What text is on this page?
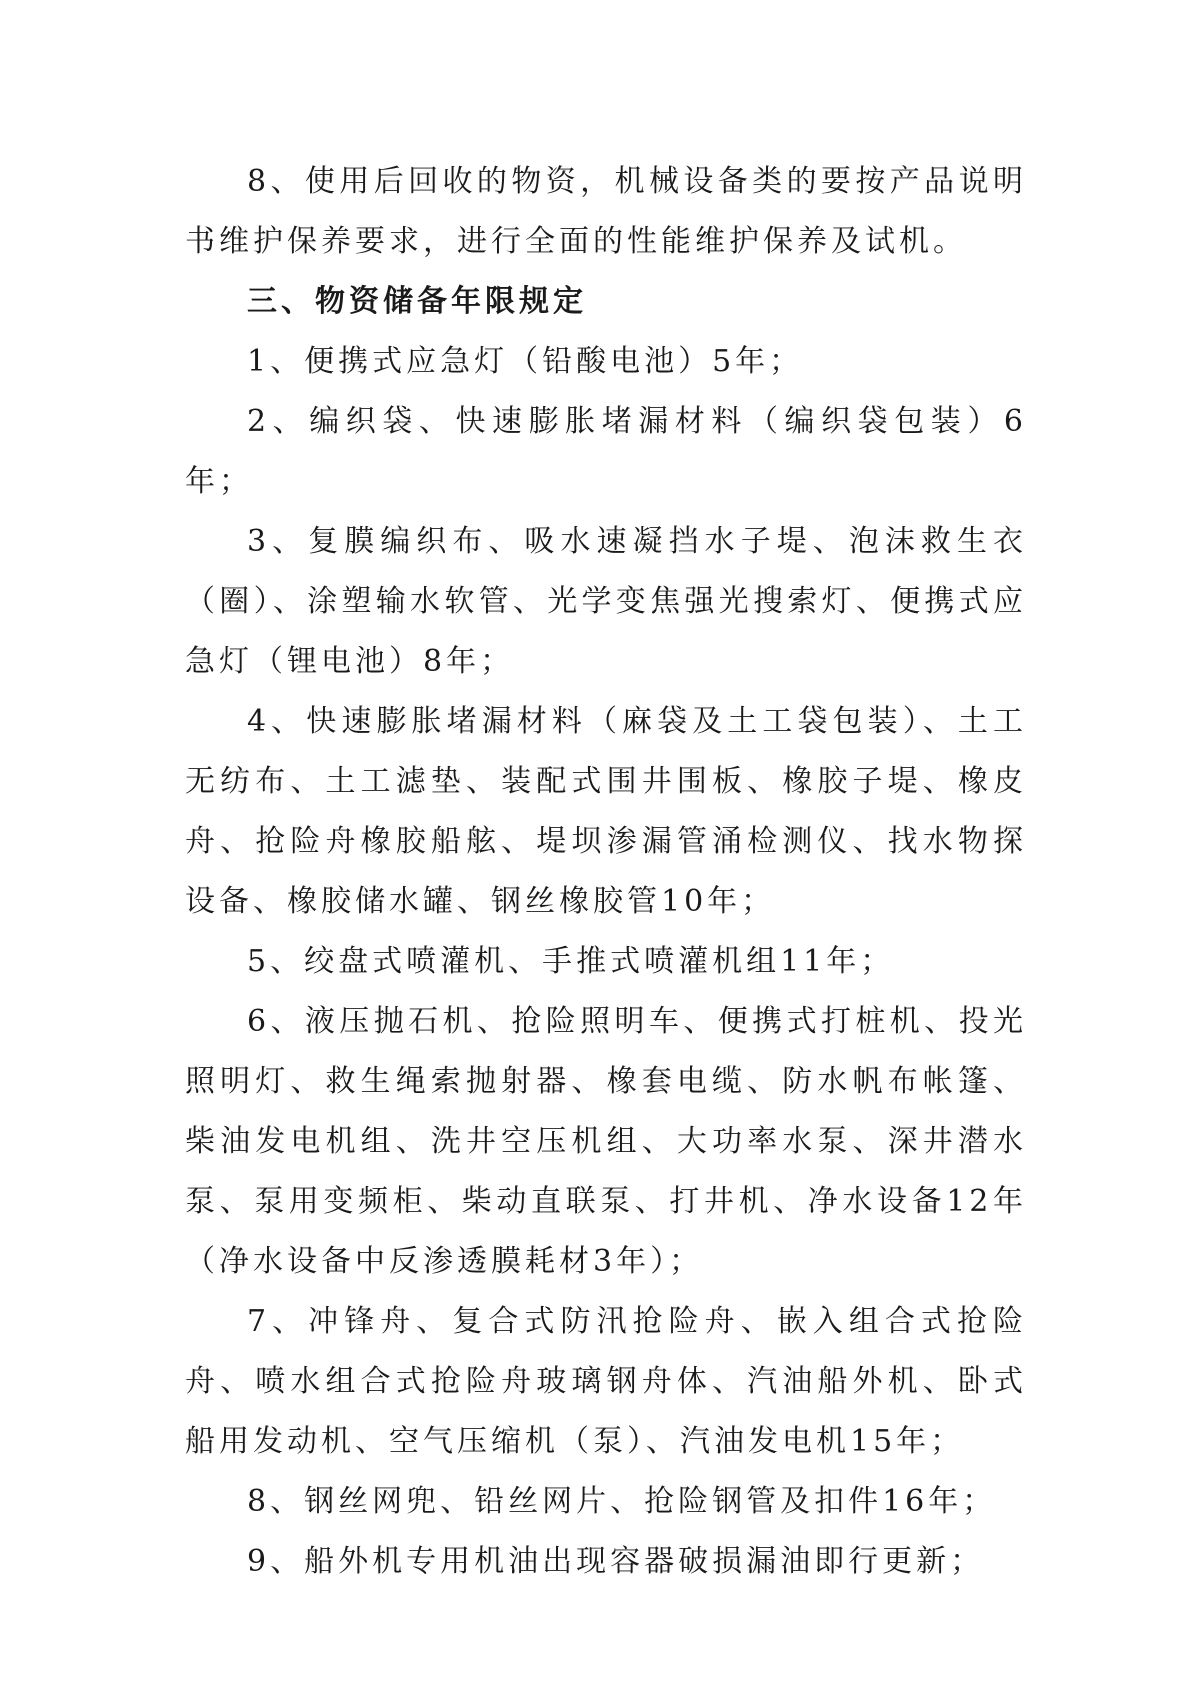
8、使用后回收的物资，机械设备类的要按产品说明书维护保养要求，进行全面的性能维护保养及试机。

三、物资储备年限规定

1、便携式应急灯（铅酸电池）5年；

2、编织袋、快速膨胀堵漏材料（编织袋包装）6年；

3、复膜编织布、吸水速凝挡水子堤、泡沫救生衣（圈）、涂塑输水软管、光学变焦强光搜索灯、便携式应急灯（锂电池）8年；

4、快速膨胀堵漏材料（麻袋及土工袋包装）、土工无纺布、土工滤垫、装配式围井围板、橡胶子堤、橡皮舟、抢险舟橡胶船舷、堤坝渗漏管涌检测仪、找水物探设备、橡胶储水罐、钢丝橡胶管10年；

5、绞盘式喷灌机、手推式喷灌机组11年；

6、液压抛石机、抢险照明车、便携式打桩机、投光照明灯、救生绳索抛射器、橡套电缆、防水帆布帐篷、柴油发电机组、洗井空压机组、大功率水泵、深井潜水泵、泵用变频柜、柴动直联泵、打井机、净水设备12年（净水设备中反渗透膜耗材3年）；

7、冲锋舟、复合式防汛抢险舟、嵌入组合式抢险舟、喷水组合式抢险舟玻璃钢舟体、汽油船外机、卧式船用发动机、空气压缩机（泵）、汽油发电机15年；

8、钢丝网兜、铅丝网片、抢险钢管及扣件16年；

9、船外机专用机油出现容器破损漏油即行更新；
